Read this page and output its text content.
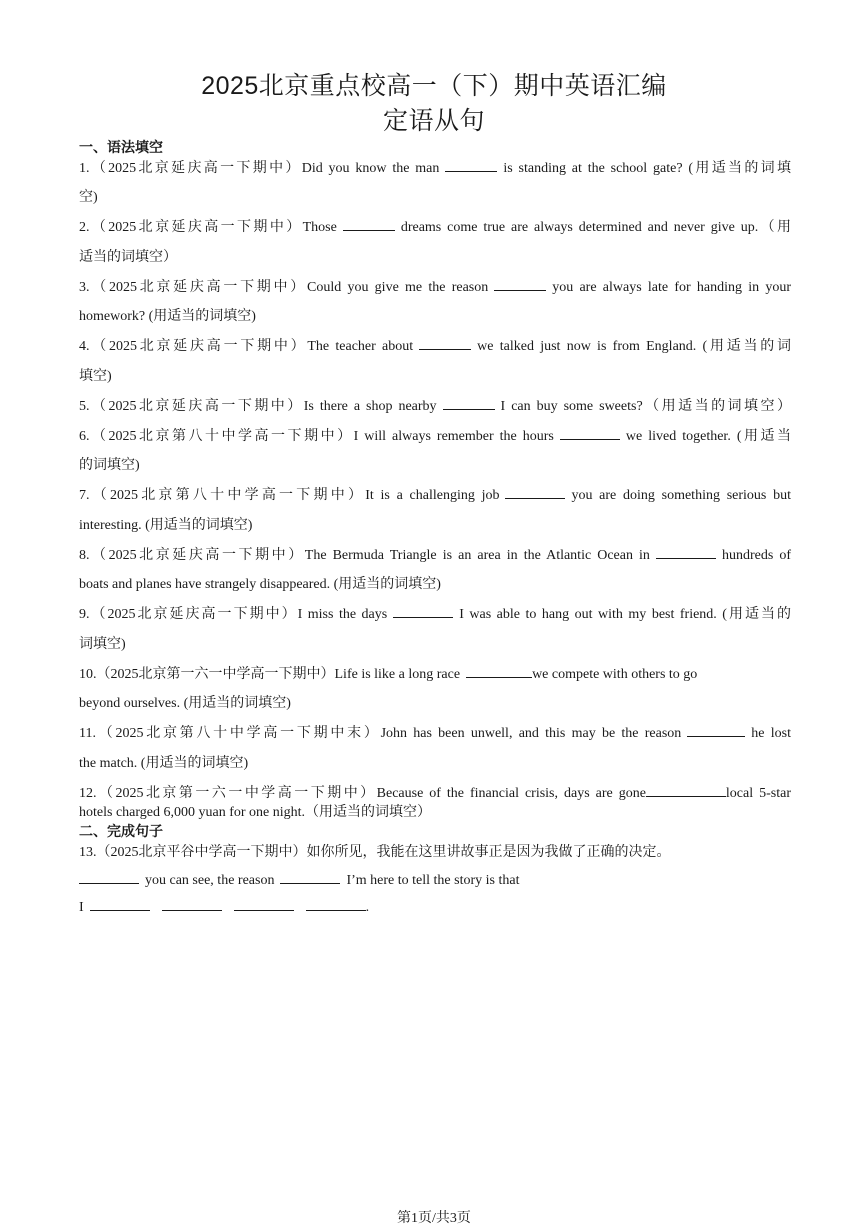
2025北京重点校高一（下）期中英语汇编
定语从句
一、语法填空
1.（2025北京延庆高一下期中）Did you know the man	is standing at the school gate? (用适当的词填
空)
2.（2025北京延庆高一下期中）Those	dreams come true are always determined and never give up.（用
适当的词填空）
3.（2025北京延庆高一下期中）Could you give me the reason	you are always late for handing in your
homework? (用适当的词填空)
4.（2025北京延庆高一下期中）The teacher about	we talked just now is from England. (用适当的词
填空)
5.（2025北京延庆高一下期中）Is there a shop nearby	I can buy some sweets?（用适当的词填空）
6.（2025北京第八十中学高一下期中）I will always remember the hours	we lived together. (用适当
的词填空)
7.（2025北京第八十中学高一下期中）It is a challenging job	you are doing something serious but
interesting. (用适当的词填空)
8.（2025北京延庆高一下期中）The Bermuda Triangle is an area in the Atlantic Ocean in	hundreds of
boats and planes have strangely disappeared. (用适当的词填空)
9.（2025北京延庆高一下期中）I miss the days	I was able to hang out with my best friend. (用适当的
词填空)
10.（2025北京第一六一中学高一下期中）Life is like a long race	we compete with others to go
beyond ourselves. (用适当的词填空)
11.（2025北京第八十中学高一下期中末）John has been unwell, and this may be the reason	he lost
the match. (用适当的词填空)
12.（2025北京第一六一中学高一下期中）Because of the financial crisis, days are gone	local 5-star
hotels charged 6,000 yuan for one night.（用适当的词填空）
二、完成句子
13.（2025北京平谷中学高一下期中）如你所见，我能在这里讲故事正是因为我做了正确的决定。
you can see, the reason	I’m here to tell the story is that
I	.
第1页/共3页
